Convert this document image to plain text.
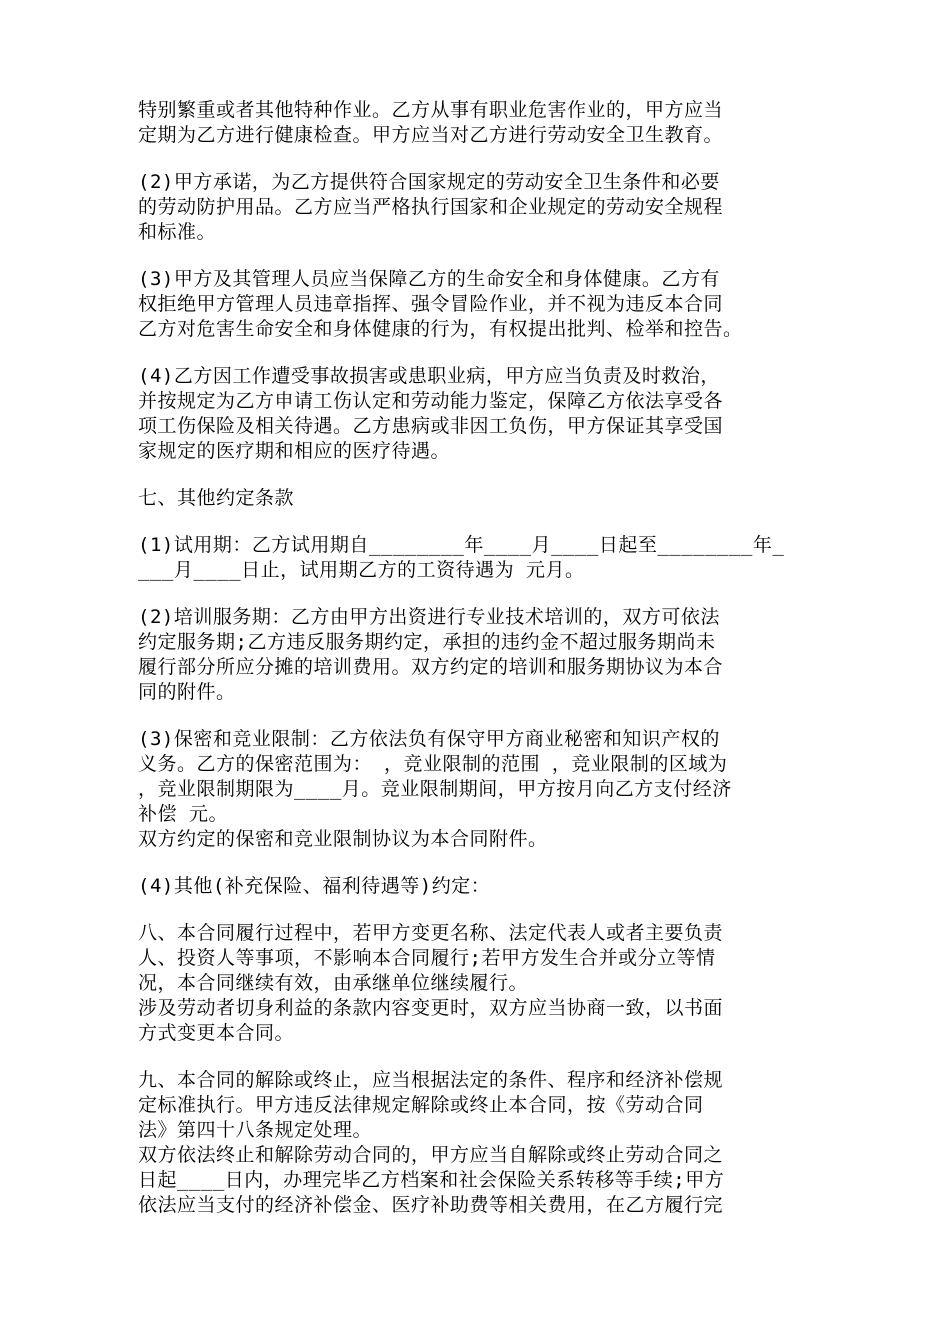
特别繁重或者其他特种作业。乙方从事有职业危害作业的，甲方应当
定期为乙方进行健康检查。甲方应当对乙方进行劳动安全卫生教育。
(2)甲方承诺，为乙方提供符合国家规定的劳动安全卫生条件和必要
的劳动防护用品。乙方应当严格执行国家和企业规定的劳动安全规程
和标准。
(3)甲方及其管理人员应当保障乙方的生命安全和身体健康。乙方有
权拒绝甲方管理人员违章指挥、强令冒险作业，并不视为违反本合同
乙方对危害生命安全和身体健康的行为，有权提出批判、检举和控告。
(4)乙方因工作遭受事故损害或患职业病，甲方应当负责及时救治，
并按规定为乙方申请工伤认定和劳动能力鉴定，保障乙方依法享受各
项工伤保险及相关待遇。乙方患病或非因工负伤，甲方保证其享受国
家规定的医疗期和相应的医疗待遇。
七、其他约定条款
(1)试用期：乙方试用期自________年____月____日起至________年_
___月____日止，试用期乙方的工资待遇为 元月。
(2)培训服务期：乙方由甲方出资进行专业技术培训的，双方可依法
约定服务期;乙方违反服务期约定，承担的违约金不超过服务期尚未
履行部分所应分摊的培训费用。双方约定的培训和服务期协议为本合
同的附件。
(3)保密和竞业限制：乙方依法负有保守甲方商业秘密和知识产权的
义务。乙方的保密范围为： ，竞业限制的范围 ，竞业限制的区域为
，竞业限制期限为____月。竞业限制期间，甲方按月向乙方支付经济
补偿 元。
双方约定的保密和竞业限制协议为本合同附件。
(4)其他(补充保险、福利待遇等)约定：
八、本合同履行过程中，若甲方变更名称、法定代表人或者主要负责
人、投资人等事项，不影响本合同履行;若甲方发生合并或分立等情
况，本合同继续有效，由承继单位继续履行。
涉及劳动者切身利益的条款内容变更时，双方应当协商一致，以书面
方式变更本合同。
九、本合同的解除或终止，应当根据法定的条件、程序和经济补偿规
定标准执行。甲方违反法律规定解除或终止本合同，按《劳动合同
法》第四十八条规定处理。
双方依法终止和解除劳动合同的，甲方应当自解除或终止劳动合同之
日起____日内，办理完毕乙方档案和社会保险关系转移等手续;甲方
依法应当支付的经济补偿金、医疗补助费等相关费用，在乙方履行完
